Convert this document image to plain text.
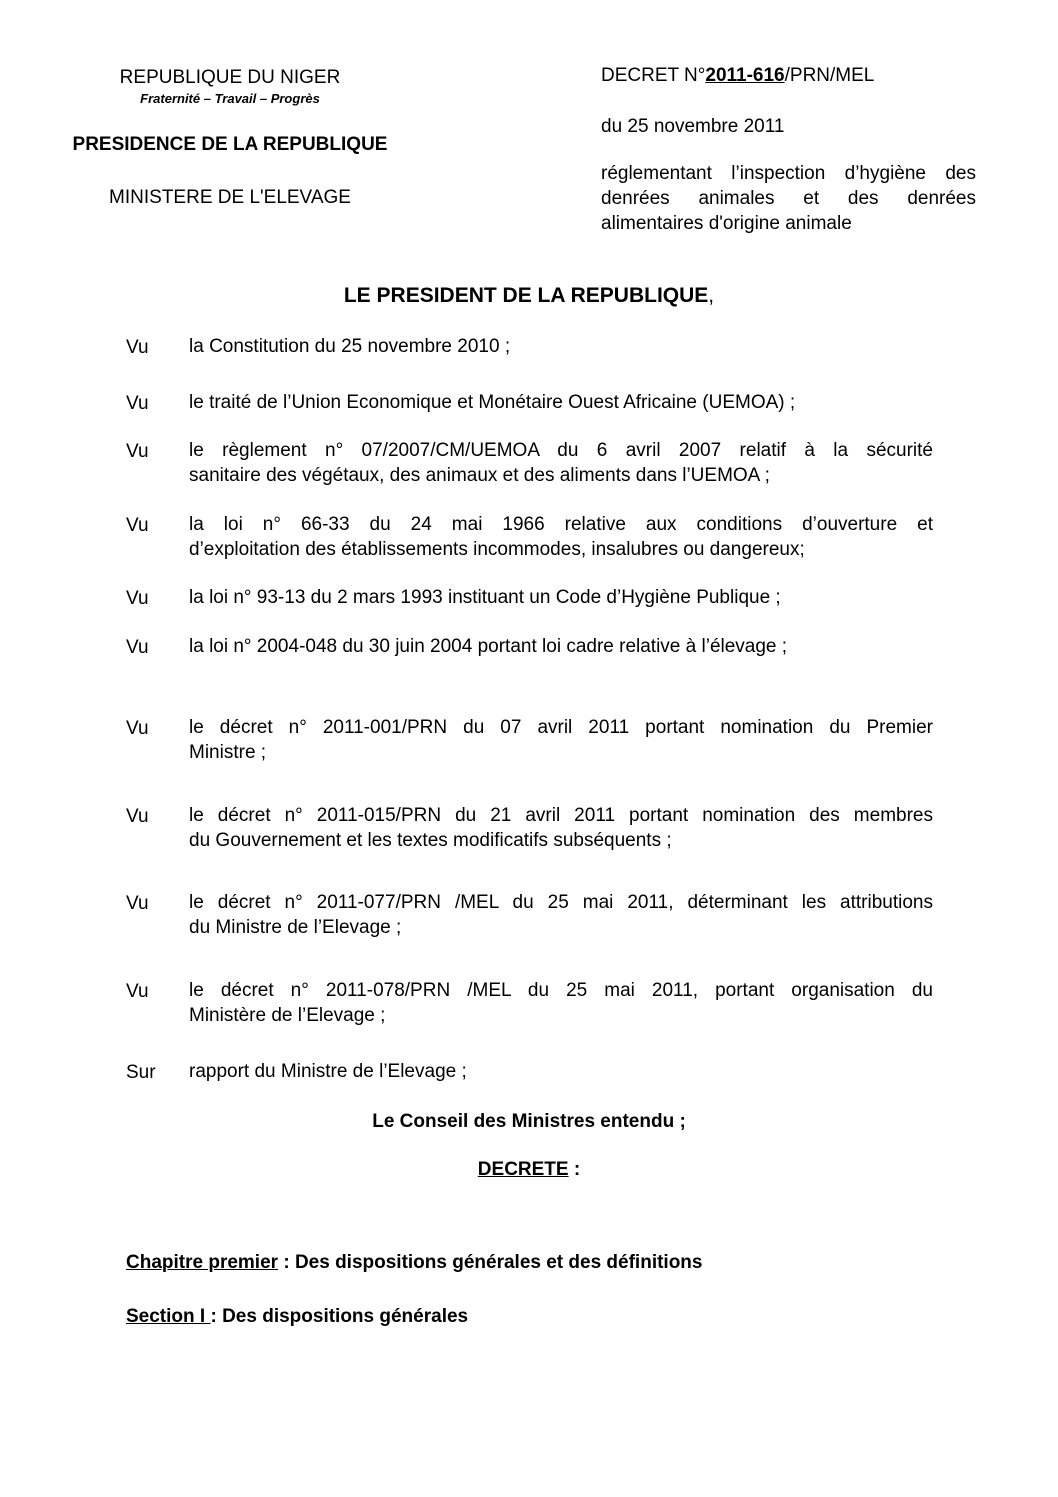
REPUBLIQUE DU NIGER
Fraternité – Travail – Progrès
PRESIDENCE DE LA REPUBLIQUE
MINISTERE DE L'ELEVAGE
DECRET N°2011-616/PRN/MEL
du 25 novembre 2011
réglementant l’inspection d’hygiène des
denrées animales et des denrées
alimentaires d'origine animale
LE PRESIDENT DE LA REPUBLIQUE,
Vu la Constitution du 25 novembre 2010 ;
Vu le traité de l’Union Economique et Monétaire Ouest Africaine (UEMOA) ;
Vu le règlement n° 07/2007/CM/UEMOA du 6 avril 2007 relatif à la sécurité
sanitaire des végétaux, des animaux et des aliments dans l’UEMOA ;
Vu la loi n° 66-33 du 24 mai 1966 relative aux conditions d’ouverture et
d’exploitation des établissements incommodes, insalubres ou dangereux;
Vu la loi n° 93-13 du 2 mars 1993 instituant un Code d’Hygiène Publique ;
Vu la loi n° 2004-048 du 30 juin 2004 portant loi cadre relative à l’élevage ;
Vu le décret n° 2011-001/PRN du 07 avril 2011 portant nomination du Premier
Ministre ;
Vu le décret n° 2011-015/PRN du 21 avril 2011 portant nomination des membres
du Gouvernement et les textes modificatifs subséquents ;
Vu le décret n° 2011-077/PRN /MEL du 25 mai 2011, déterminant les attributions
du Ministre de l’Elevage ;
Vu le décret n° 2011-078/PRN /MEL du 25 mai 2011, portant organisation du
Ministère de l’Elevage ;
Sur rapport du Ministre de l’Elevage ;
Le Conseil des Ministres entendu ;
DECRETE :
Chapitre premier : Des dispositions générales et des définitions
Section I : Des dispositions générales
